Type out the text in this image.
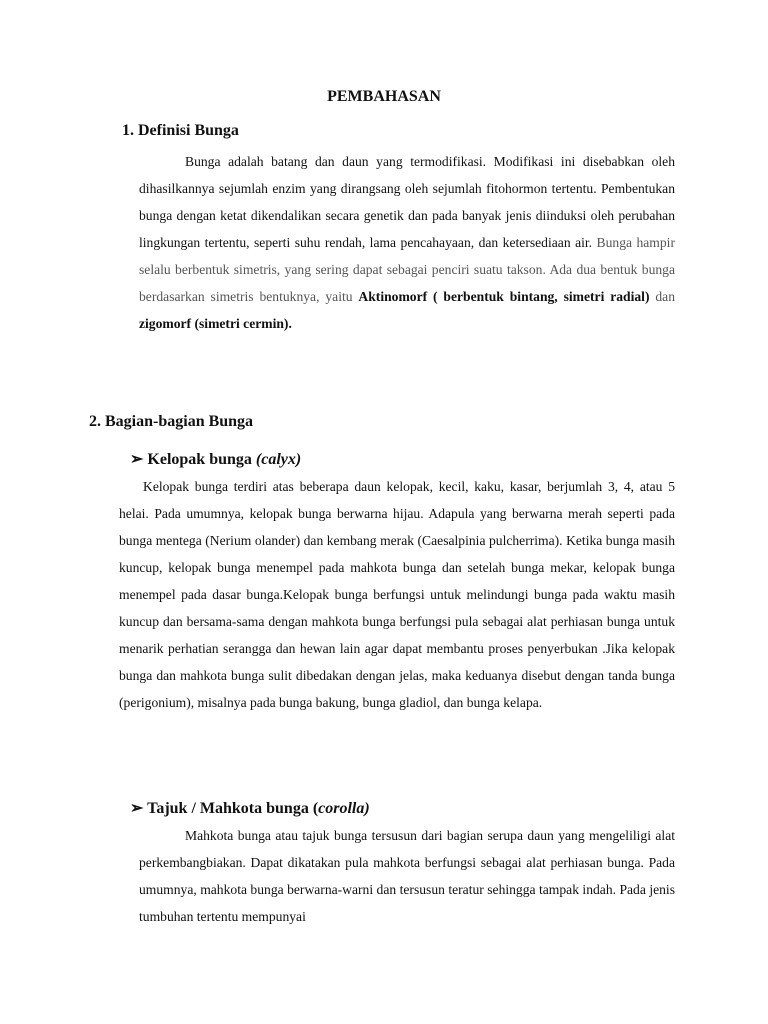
PEMBAHASAN
1. Definisi Bunga
Bunga adalah batang dan daun yang termodifikasi. Modifikasi ini disebabkan oleh dihasilkannya sejumlah enzim yang dirangsang oleh sejumlah fitohormon tertentu. Pembentukan bunga dengan ketat dikendalikan secara genetik dan pada banyak jenis diinduksi oleh perubahan lingkungan tertentu, seperti suhu rendah, lama pencahayaan, dan ketersediaan air. Bunga hampir selalu berbentuk simetris, yang sering dapat sebagai penciri suatu takson. Ada dua bentuk bunga berdasarkan simetris bentuknya, yaitu Aktinomorf ( berbentuk bintang, simetri radial) dan zigomorf (simetri cermin).
2. Bagian-bagian Bunga
➢ Kelopak bunga (calyx)
Kelopak bunga terdiri atas beberapa daun kelopak, kecil, kaku, kasar, berjumlah 3, 4, atau 5 helai. Pada umumnya, kelopak bunga berwarna hijau. Adapula yang berwarna merah seperti pada bunga mentega (Nerium olander) dan kembang merak (Caesalpinia pulcherrima). Ketika bunga masih kuncup, kelopak bunga menempel pada mahkota bunga dan setelah bunga mekar, kelopak bunga menempel pada dasar bunga.Kelopak bunga berfungsi untuk melindungi bunga pada waktu masih kuncup dan bersama-sama dengan mahkota bunga berfungsi pula sebagai alat perhiasan bunga untuk menarik perhatian serangga dan hewan lain agar dapat membantu proses penyerbukan .Jika kelopak bunga dan mahkota bunga sulit dibedakan dengan jelas, maka keduanya disebut dengan tanda bunga (perigonium), misalnya pada bunga bakung, bunga gladiol, dan bunga kelapa.
➢ Tajuk / Mahkota bunga (corolla)
Mahkota bunga atau tajuk bunga tersusun dari bagian serupa daun yang mengeliligi alat perkembangbiakan. Dapat dikatakan pula mahkota berfungsi sebagai alat perhiasan bunga. Pada umumnya, mahkota bunga berwarna-warni dan tersusun teratur sehingga tampak indah. Pada jenis tumbuhan tertentu mempunyai
